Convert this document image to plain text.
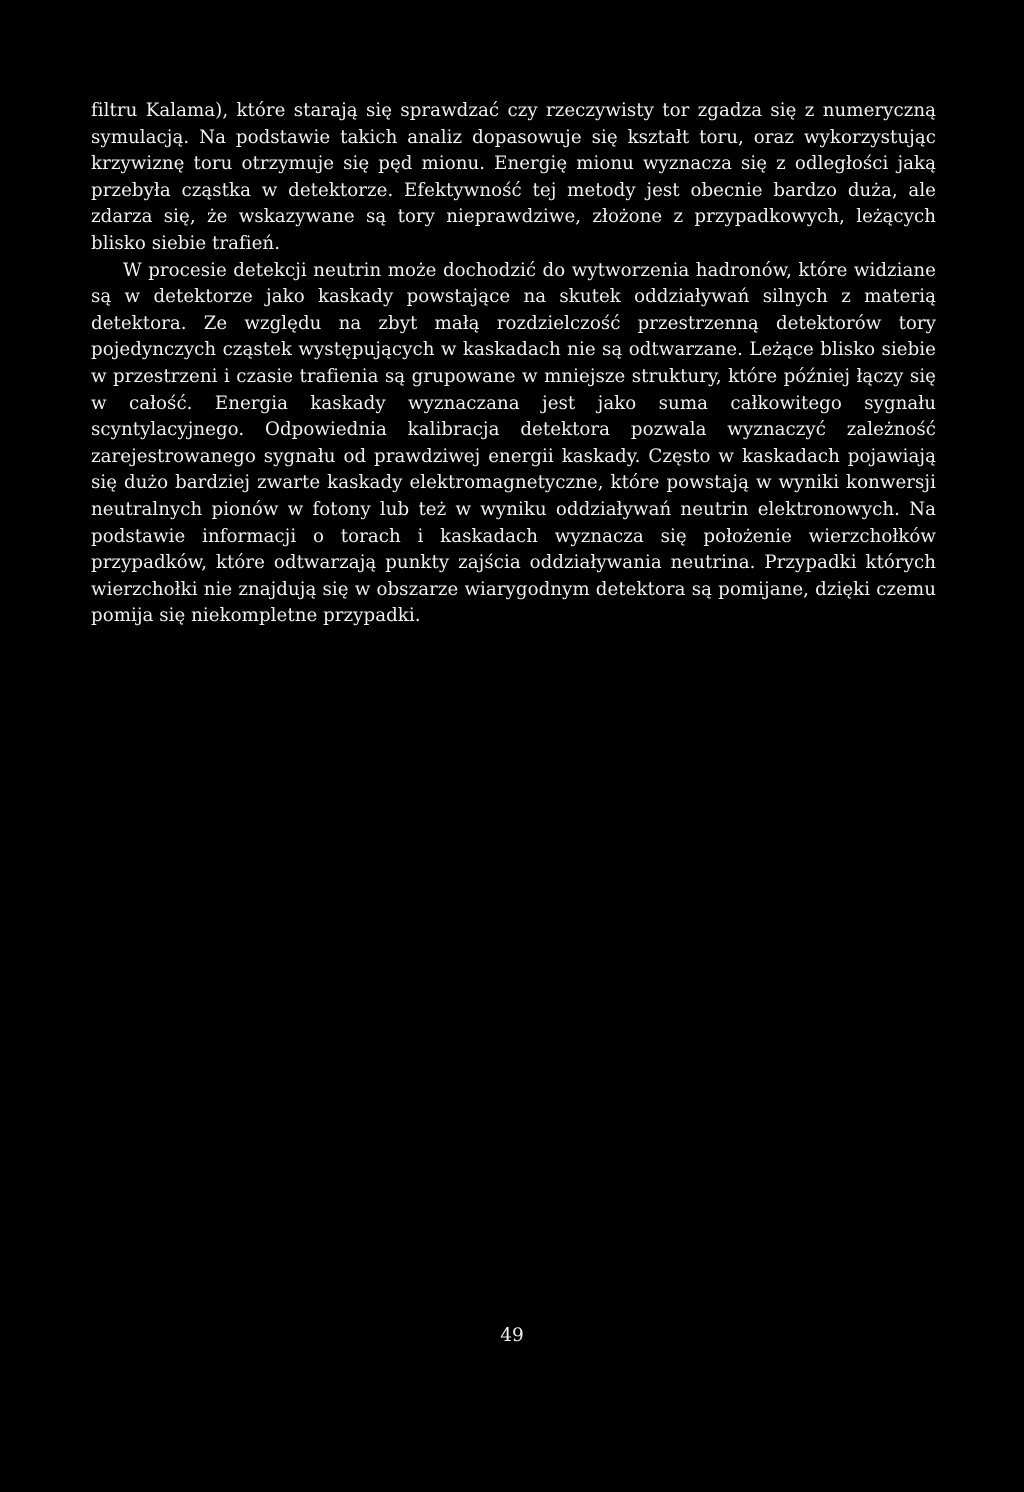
filtru Kalama), które starają się sprawdzać czy rzeczywisty tor zgadza się z numeryczną symulacją. Na podstawie takich analiz dopasowuje się kształt toru, oraz wykorzystując krzywiznę toru otrzymuje się pęd mionu. Energię mionu wyznacza się z odległości jaką przebyła cząstka w detektorze. Efektywność tej metody jest obecnie bardzo duża, ale zdarza się, że wskazywane są tory nieprawdziwe, złożone z przypadkowych, leżących blisko siebie trafień.

W procesie detekcji neutrin może dochodzić do wytworzenia hadronów, które widziane są w detektorze jako kaskady powstające na skutek oddziaływań silnych z materią detektora. Ze względu na zbyt małą rozdzielczość przestrzenną detektorów tory pojedynczych cząstek występujących w kaskadach nie są odtwarzane. Leżące blisko siebie w przestrzeni i czasie trafienia są grupowane w mniejsze struktury, które później łączy się w całość. Energia kaskady wyznaczana jest jako suma całkowitego sygnału scyntylacyjnego. Odpowiednia kalibracja detektora pozwala wyznaczyć zależność zarejestrowanego sygnału od prawdziwej energii kaskady. Często w kaskadach pojawiają się dużo bardziej zwarte kaskady elektromagnetyczne, które powstają w wyniki konwersji neutralnych pionów w fotony lub też w wyniku oddziaływań neutrin elektronowych. Na podstawie informacji o torach i kaskadach wyznacza się położenie wierzchołków przypadków, które odtwarzają punkty zajścia oddziaływania neutrina. Przypadki których wierzchołki nie znajdują się w obszarze wiarygodnym detektora są pomijane, dzięki czemu pomija się niekompletne przypadki.

49
